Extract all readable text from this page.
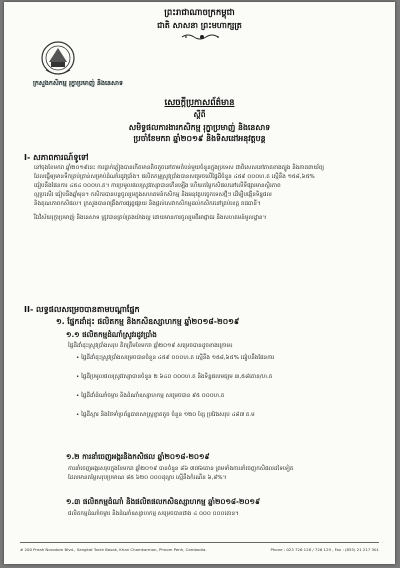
ព្រះរាជាណាចក្រកម្ពុជា
ជាតិ សាសនា ព្រះមហាក្សត្រ
ក្រសួងកសិកម្ម រុក្ខាប្រមាញ់ និងនេសាទ
សេចក្តីប្រកាសព័ត៌មាន
ស្តីពី
សមិទ្ធផលការងារកសិកម្ម រុក្ខាប្រមាញ់ និងនេសាទ
ប្រចាំខែមករា ឆ្នាំ២០១៩ និងទិសដៅអនុវត្តបន្ត
I- សភាពការណ៍ទូទៅ
នៅចុងខែមករា ឆ្នាំ២០១៩នេះ ការធ្លាក់ភ្លៀងបានកើតមានតិចតួចនៅតាមតំបន់មួយចំនួនក្នុងប្រទេស ជាពិសេសនៅភាគខាងត្បូង និងភាគពាយ័ព្យ
ដែលធ្វើឲ្យមានទឹកគ្រប់គ្រាន់សម្រាប់ដំណាំរដូវប្រាំង។ ផលិតកម្មស្រូវប្រាំងបានសម្រេចលើផ្ទៃដីចំនួន ៤៥៩ ០០០ហ.ត ស្មើនឹង ១៥៨,៦៥%
ធៀបនឹងផែនការ ៤៥៤ ០០០ហ.ត។ ការប្រមូលផលស្រូវវស្សាបានកើនឡើង ហើយតម្លៃកសិផលនៅលើទីផ្សារមានស្ថិរភាព
ល្អប្រសើរ ធៀបនឹងឆ្នាំមុន។ កសិករបានបន្តចូលរួមក្នុងសហគមន៍កសិកម្ម និងអនុវត្តបច្ចេកទេសថ្មីៗ ដើម្បីបង្កើនទិន្នផល
និងគុណភាពកសិផល។ ក្រសួងបានពង្រឹងការផ្សព្វផ្សាយ និងផ្តល់សេវាកសិកម្មដល់កសិករនៅគ្រប់ខេត្ត រាជធានី។
រីឯវិស័យរុក្ខាប្រមាញ់ និងនេសាទ ត្រូវបានគ្រប់គ្រងយ៉ាងល្អ ដោយមានការចូលរួមពីអាជ្ញាធរ និងសហគមន៍មូលដ្ឋាន។
II- លទ្ធផលសម្រេចបានតាមបណ្តាផ្នែក
១. ផ្នែកដាំដុះ ផលិតកម្ម និងកសិឧស្សាហកម្ម ឆ្នាំ២០១៨-២០១៩
១.១ ផលិតកម្មដំណាំស្រូវរដូវប្រាំង
ផ្ទៃដីដាំដុះស្រូវប្រាំងសរុប គិតត្រឹមខែមករា ឆ្នាំ២០១៩ សម្រេចបានដូចខាងក្រោម៖
• ផ្ទៃដីដាំដុះស្រូវប្រាំងសម្រេចបានចំនួន ៤៥៩ ០០០ហ.ត ស្មើនឹង ១៥៨,៦៥% ធៀបនឹងផែនការ
• ផ្ទៃដីប្រមូលផលស្រូវវស្សាបានចំនួន ២ ៦៤០ ០០០ហ.ត និងទិន្នផលមធ្យម ៣,៥៨តោន/ហ.ត
• ផ្ទៃដីដាំដំណាំចម្ការ និងដំណាំឧស្សាហកម្ម សម្រេចបាន ៩៥ ០០០ហ.ត
• ផ្ទៃដីស្តារ និងថែទាំប្រព័ន្ធធារាសាស្រ្តខ្នាតតូច ចំនួន ១២០ ខ្សែ ប្រវែងសរុប ៤៨៧ គ.ម
១.២ ការនាំចេញអង្ករនិងកសិផល ឆ្នាំ២០១៨-២០១៩
ការនាំចេញអង្ករសរុបក្នុងខែមករា ឆ្នាំ២០១៩ បានចំនួន ៨៦ ៧៧៦តោន ព្រមទាំងការនាំចេញកសិផលដទៃទៀត
ដែលមានតម្លៃសរុបប្រមាណ ៨៥ ៦២០ ០០០ដុល្លារ ស្មើនឹងកំណើន ៦,៨%។
១.៣ ផលិតកម្មដំណាំ និងផលិតផលកសិឧស្សាហកម្ម ឆ្នាំ២០១៨-២០១៩
ផលិតកម្មដំណាំចម្ការ និងដំណាំឧស្សាហកម្ម សម្រេចបានជាង ៤ ០០០ ០០០តោន។
# 200 Preah Norodom Blvd., Sangkat Tonle Basak, Khan Chamkarmon, Phnom Penh, Cambodia.	Phone : 023 726 128 / 726 129 , Fax : (855) 21 217 301
